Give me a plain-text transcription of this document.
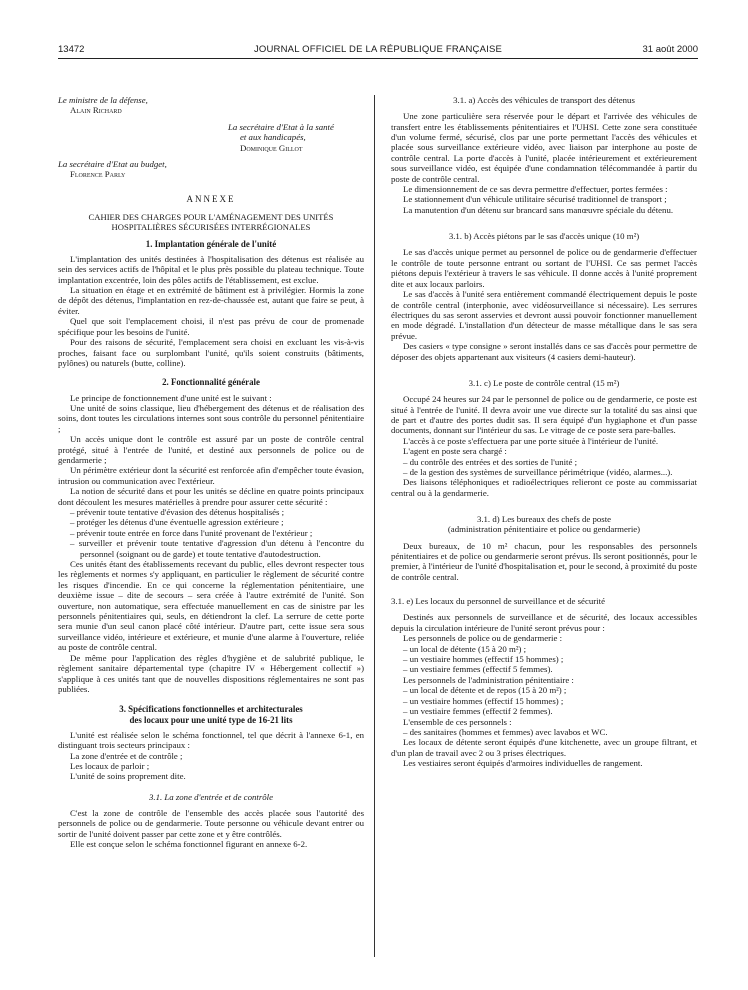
13472	JOURNAL OFFICIEL DE LA RÉPUBLIQUE FRANÇAISE	31 août 2000
Le ministre de la défense,
Alain Richard
La secrétaire d'Etat à la santé
et aux handicapés,
Dominique Gillot
La secrétaire d'Etat au budget,
Florence Parly
ANNEXE
CAHIER DES CHARGES POUR L'AMÉNAGEMENT DES UNITÉS
HOSPITALIÈRES SÉCURISÉES INTERRÉGIONALES
1. Implantation générale de l'unité

L'implantation des unités destinées à l'hospitalisation des détenus est réalisée au sein des services actifs de l'hôpital et le plus près possible du plateau technique. Toute implantation excentrée, loin des pôles actifs de l'établissement, est exclue.

La situation en étage et en extrémité de bâtiment est à privilégier. Hormis la zone de dépôt des détenus, l'implantation en rez-de-chaussée est, autant que faire se peut, à éviter.

Quel que soit l'emplacement choisi, il n'est pas prévu de cour de promenade spécifique pour les besoins de l'unité.

Pour des raisons de sécurité, l'emplacement sera choisi en excluant les vis-à-vis proches, faisant face ou surplombant l'unité, qu'ils soient construits (bâtiments, pylônes) ou naturels (butte, colline).

2. Fonctionnalité générale

Le principe de fonctionnement d'une unité est le suivant :

Une unité de soins classique, lieu d'hébergement des détenus et de réalisation des soins, dont toutes les circulations internes sont sous contrôle du personnel pénitentiaire ;

Un accès unique dont le contrôle est assuré par un poste de contrôle central protégé, situé à l'entrée de l'unité, et destiné aux personnels de police ou de gendarmerie ;

Un périmètre extérieur dont la sécurité est renforcée afin d'empêcher toute évasion, intrusion ou communication avec l'extérieur.

La notion de sécurité dans et pour les unités se décline en quatre points principaux dont découlent les mesures matérielles à prendre pour assurer cette sécurité :

– prévenir toute tentative d'évasion des détenus hospitalisés ;

– protéger les détenus d'une éventuelle agression extérieure ;

– prévenir toute entrée en force dans l'unité provenant de l'extérieur ;

– surveiller et prévenir toute tentative d'agression d'un détenu à l'encontre du personnel (soignant ou de garde) et toute tentative d'autodestruction.

Ces unités étant des établissements recevant du public, elles devront respecter tous les règlements et normes s'y appliquant, en particulier le règlement de sécurité contre les risques d'incendie. En ce qui concerne la réglementation pénitentiaire, une deuxième issue – dite de secours – sera créée à l'autre extrémité de l'unité. Son ouverture, non automatique, sera effectuée manuellement en cas de sinistre par les personnels pénitentiaires qui, seuls, en détiendront la clef. La serrure de cette porte sera munie d'un seul canon placé côté intérieur. D'autre part, cette issue sera sous surveillance vidéo, intérieure et extérieure, et munie d'une alarme à l'ouverture, reliée au poste de contrôle central.

De même pour l'application des règles d'hygiène et de salubrité publique, le règlement sanitaire départemental type (chapitre IV « Hébergement collectif ») s'applique à ces unités tant que de nouvelles dispositions réglementaires ne sont pas publiées.

3. Spécifications fonctionnelles et architecturales
des locaux pour une unité type de 16-21 lits

L'unité est réalisée selon le schéma fonctionnel, tel que décrit à l'annexe 6-1, en distinguant trois secteurs principaux :

La zone d'entrée et de contrôle ;

Les locaux de parloir ;

L'unité de soins proprement dite.

3.1. La zone d'entrée et de contrôle

C'est la zone de contrôle de l'ensemble des accès placée sous l'autorité des personnels de police ou de gendarmerie. Toute personne ou véhicule devant entrer ou sortir de l'unité doivent passer par cette zone et y être contrôlés.

Elle est conçue selon le schéma fonctionnel figurant en annexe 6-2.

3.1. a) Accès des véhicules de transport des détenus

Une zone particulière sera réservée pour le départ et l'arrivée des véhicules de transfert entre les établissements pénitentiaires et l'UHSI. Cette zone sera constituée d'un volume fermé, sécurisé, clos par une porte permettant l'accès des véhicules et placée sous surveillance extérieure vidéo, avec liaison par interphone au poste de contrôle central. La porte d'accès à l'unité, placée intérieurement et extérieurement sous surveillance vidéo, est équipée d'une condamnation télécommandée à partir du poste de contrôle central.

Le dimensionnement de ce sas devra permettre d'effectuer, portes fermées :

Le stationnement d'un véhicule utilitaire sécurisé traditionnel de transport ;

La manutention d'un détenu sur brancard sans manœuvre spéciale du détenu.

3.1. b) Accès piétons par le sas d'accès unique (10 m²)

Le sas d'accès unique permet au personnel de police ou de gendarmerie d'effectuer le contrôle de toute personne entrant ou sortant de l'UHSI. Ce sas permet l'accès piétons depuis l'extérieur à travers le sas véhicule. Il donne accès à l'unité proprement dite et aux locaux parloirs.

Le sas d'accès à l'unité sera entièrement commandé électriquement depuis le poste de contrôle central (interphonie, avec vidéosurveillance si nécessaire). Les serrures électriques du sas seront asservies et devront aussi pouvoir fonctionner manuellement en mode dégradé. L'installation d'un détecteur de masse métallique dans le sas sera prévue.

Des casiers « type consigne » seront installés dans ce sas d'accès pour permettre de déposer des objets appartenant aux visiteurs (4 casiers demi-hauteur).

3.1. c) Le poste de contrôle central (15 m²)

Occupé 24 heures sur 24 par le personnel de police ou de gendarmerie, ce poste est situé à l'entrée de l'unité. Il devra avoir une vue directe sur la totalité du sas ainsi que de part et d'autre des portes dudit sas. Il sera équipé d'un hygiaphone et d'un passe documents, donnant sur l'intérieur du sas. Le vitrage de ce poste sera pare-balles.

L'accès à ce poste s'effectuera par une porte située à l'intérieur de l'unité.

L'agent en poste sera chargé :

– du contrôle des entrées et des sorties de l'unité ;

– de la gestion des systèmes de surveillance périmétrique (vidéo, alarmes...).

Des liaisons téléphoniques et radioélectriques relieront ce poste au commissariat central ou à la gendarmerie.

3.1. d) Les bureaux des chefs de poste
(administration pénitentiaire et police ou gendarmerie)

Deux bureaux, de 10 m² chacun, pour les responsables des personnels pénitentiaires et de police ou gendarmerie seront prévus. Ils seront positionnés, pour le premier, à l'intérieur de l'unité d'hospitalisation et, pour le second, à proximité du poste de contrôle central.

3.1. e) Les locaux du personnel de surveillance et de sécurité

Destinés aux personnels de surveillance et de sécurité, des locaux accessibles depuis la circulation intérieure de l'unité seront prévus pour :

Les personnels de police ou de gendarmerie :

– un local de détente (15 à 20 m²) ;

– un vestiaire hommes (effectif 15 hommes) ;

– un vestiaire femmes (effectif 5 femmes).

Les personnels de l'administration pénitentiaire :

– un local de détente et de repos (15 à 20 m²) ;

– un vestiaire hommes (effectif 15 hommes) ;

– un vestiaire femmes (effectif 2 femmes).

L'ensemble de ces personnels :

– des sanitaires (hommes et femmes) avec lavabos et WC.

Les locaux de détente seront équipés d'une kitchenette, avec un groupe filtrant, et d'un plan de travail avec 2 ou 3 prises électriques.

Les vestiaires seront équipés d'armoires individuelles de rangement.
